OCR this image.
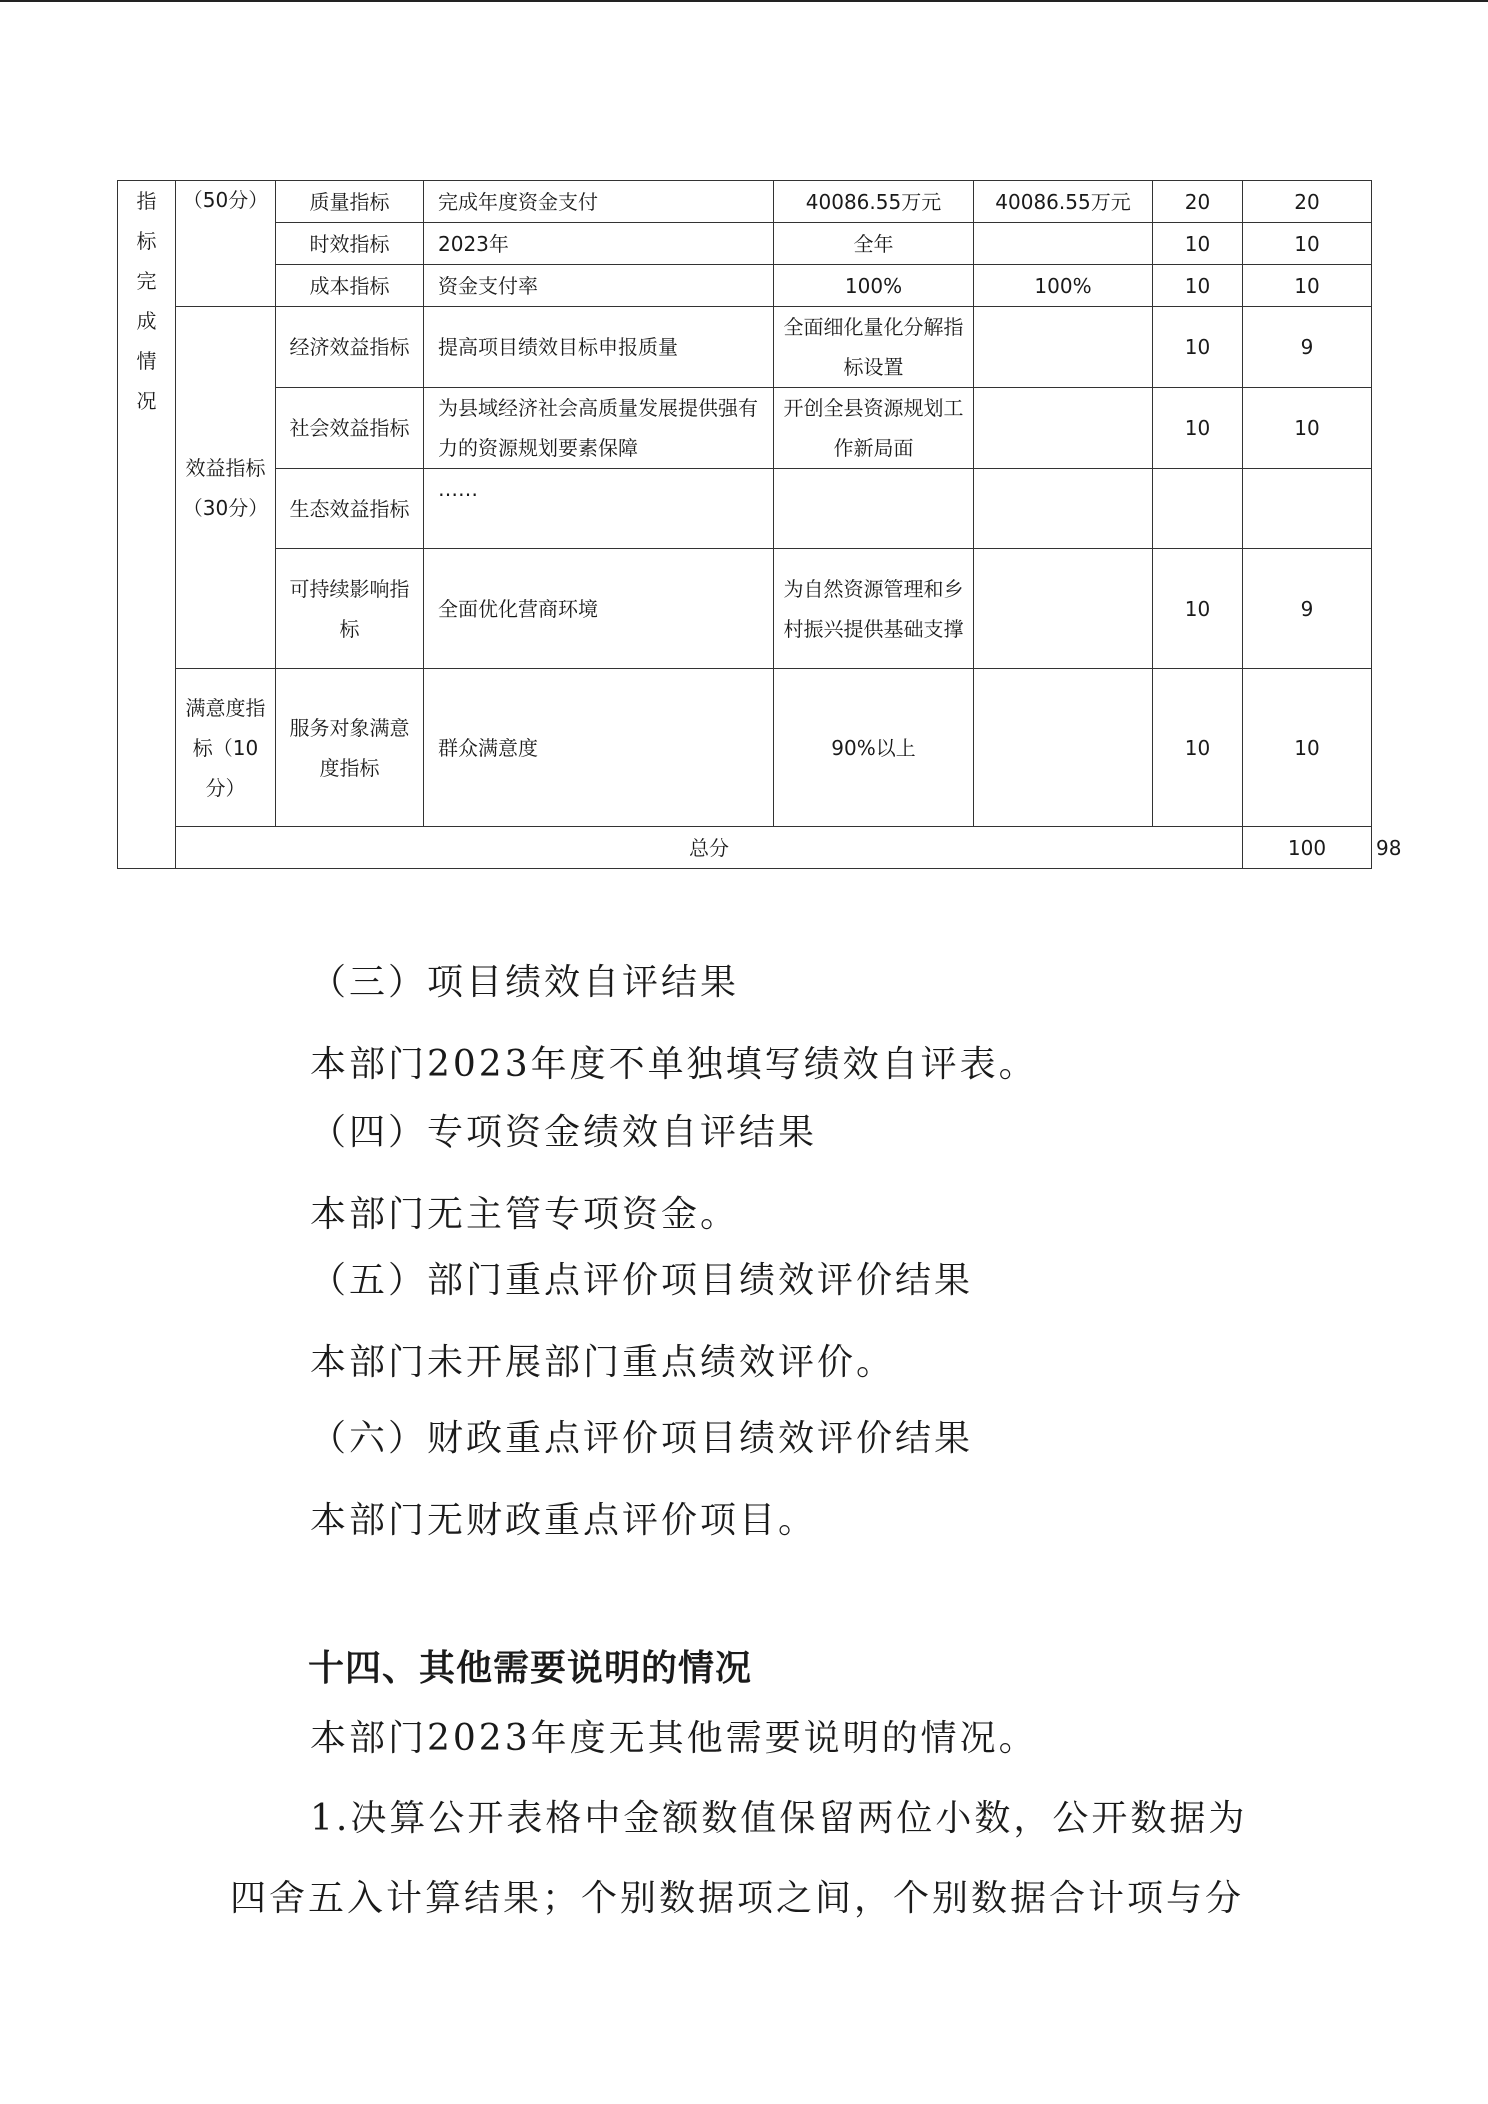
指标完成情况	（50分）	质量指标	完成年度资金支付	40086.55万元	40086.55万元	20	20	
		时效指标	2023年	全年		10	10	
		成本指标	资金支付率	100%	100%	10	10	
	效益指标（30分）	经济效益指标	提高项目绩效目标申报质量	全面细化量化分解指标设置		10	9	
		社会效益指标	为县域经济社会高质量发展提供强有力的资源规划要素保障	开创全县资源规划工作新局面		10	10	
		生态效益指标	……					
		可持续影响指标	全面优化营商环境	为自然资源管理和乡村振兴提供基础支撑		10	9	
	满意度指标（10分）	服务对象满意度指标	群众满意度	90%以上		10	10	
	总分						100	98
（三）项目绩效自评结果
本部门2023年度不单独填写绩效自评表。
（四）专项资金绩效自评结果
本部门无主管专项资金。
（五）部门重点评价项目绩效评价结果
本部门未开展部门重点绩效评价。
（六）财政重点评价项目绩效评价结果
本部门无财政重点评价项目。
十四、其他需要说明的情况
本部门2023年度无其他需要说明的情况。
1.决算公开表格中金额数值保留两位小数，公开数据为
四舍五入计算结果；个别数据项之间，个别数据合计项与分
